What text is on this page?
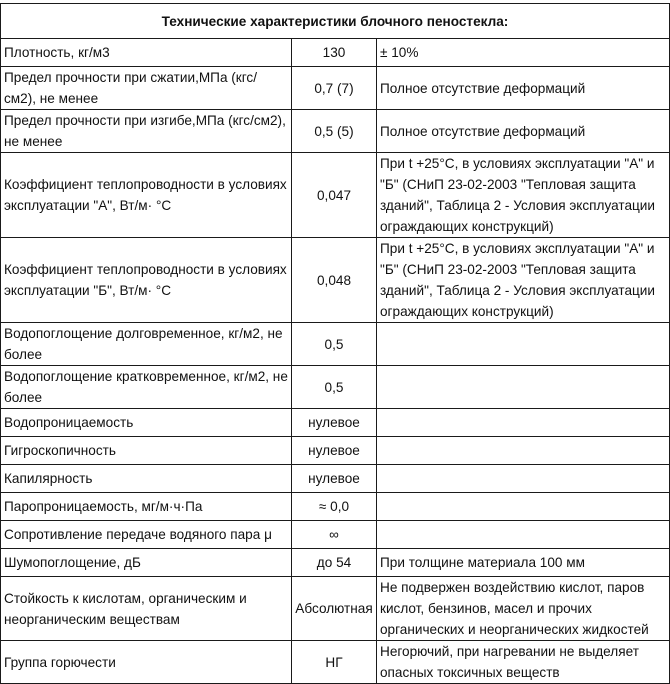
Технические характеристики блочного пеностекла:		
Плотность, кг/м3	130	± 10%
Предел прочности при сжатии,МПа (кгс/см2), не менее	0,7 (7)	Полное отсутствие деформаций
Предел прочности при изгибе,МПа (кгс/см2), не менее	0,5 (5)	Полное отсутствие деформаций
Коэффициент теплопроводности в условиях эксплуатации "А", Вт/м· °С	0,047	При t +25°С, в условиях эксплуатации "А" и "Б" (СНиП 23-02-2003 "Тепловая защита зданий", Таблица 2 - Условия эксплуатации ограждающих конструкций)
Коэффициент теплопроводности в условиях эксплуатации "Б", Вт/м· °С	0,048	При t +25°С, в условиях эксплуатации "А" и "Б" (СНиП 23-02-2003 "Тепловая защита зданий", Таблица 2 - Условия эксплуатации ограждающих конструкций)
Водопоглощение долговременное, кг/м2, не более	0,5	
Водопоглощение кратковременное, кг/м2, не более	0,5	
Водопроницаемость	нулевое	
Гигроскопичность	нулевое	
Капилярность	нулевое	
Паропроницаемость, мг/м·ч·Па	≈ 0,0	
Сопротивление передаче водяного пара μ	∞	
Шумопоглощение, дБ	до 54	При толщине материала 100 мм
Стойкость к кислотам, органическим и неорганическим веществам	Абсолютная	Не подвержен воздействию кислот, паров кислот, бензинов, масел и прочих органических и неорганических жидкостей
Группа горючести	НГ	Негорючий, при нагревании не выделяет опасных токсичных веществ
